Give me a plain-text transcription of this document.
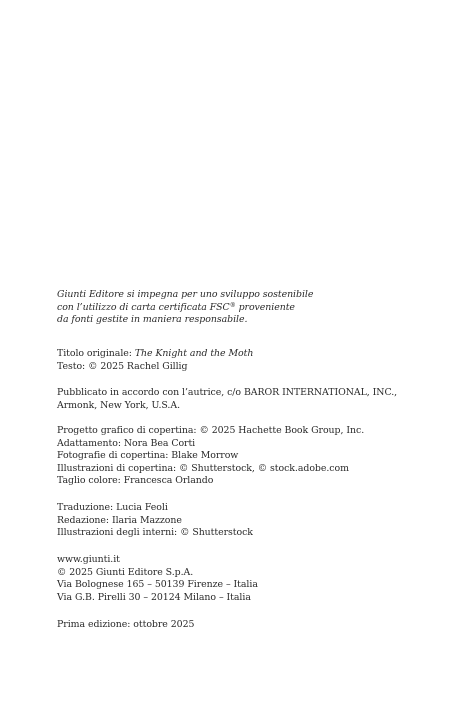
Giunti Editore si impegna per uno sviluppo sostenibile
con l’utilizzo di carta certificata FSC® proveniente
da fonti gestite in maniera responsabile.
Titolo originale: The Knight and the Moth
Testo: © 2025 Rachel Gillig
Pubblicato in accordo con l’autrice, c/o BAROR INTERNATIONAL, INC.,
Armonk, New York, U.S.A.
Progetto grafico di copertina: © 2025 Hachette Book Group, Inc.
Adattamento: Nora Bea Corti
Fotografie di copertina: Blake Morrow
Illustrazioni di copertina: © Shutterstock, © stock.adobe.com
Taglio colore: Francesca Orlando
Traduzione: Lucia Feoli
Redazione: Ilaria Mazzone
Illustrazioni degli interni: © Shutterstock
www.giunti.it
© 2025 Giunti Editore S.p.A.
Via Bolognese 165 – 50139 Firenze – Italia
Via G.B. Pirelli 30 – 20124 Milano – Italia
Prima edizione: ottobre 2025
